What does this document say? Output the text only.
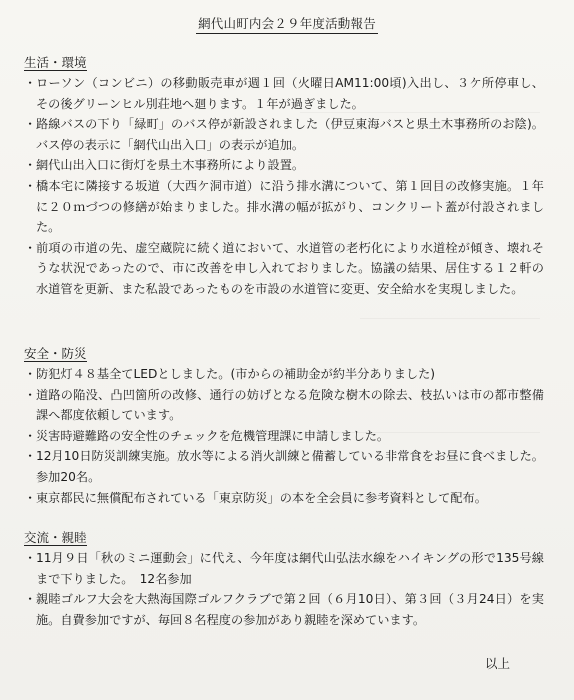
網代山町内会２９年度活動報告
生活・環境
・ ローソン（コンビニ）の移動販売車が週１回（火曜日AM11:00頃)入出し、３ケ所停車し、その後グリーンヒル別荘地へ廻ります。１年が過ぎました。
・ 路線バスの下り「緑町」のバス停が新設されました（伊豆東海バスと県土木事務所のお陰)。バス停の表示に「網代山出入口」の表示が追加。
・ 網代山出入口に街灯を県土木事務所により設置。
・ 橋本宅に隣接する坂道（大西ケ洞市道）に沿う排水溝について、第１回目の改修実施。１年に２０ｍづつの修繕が始まりました。排水溝の幅が拡がり、コンクリート蓋が付設されました。
・ 前項の市道の先、虚空蔵院に続く道において、水道管の老朽化により水道栓が傾き、壊れそうな状況であったので、市に改善を申し入れておりました。協議の結果、居住する１２軒の水道管を更新、また私設であったものを市設の水道管に変更、安全給水を実現しました。
安全・防災
・ 防犯灯４８基全てLEDとしました。(市からの補助金が約半分ありました)
・ 道路の陥没、凸凹箇所の改修、通行の妨げとなる危険な樹木の除去、枝払いは市の都市整備課へ都度依頼しています。
・ 災害時避難路の安全性のチェックを危機管理課に申請しました。
・ 12月10日防災訓練実施。放水等による消火訓練と備蓄している非常食をお昼に食べました。参加20名。
・ 東京都民に無償配布されている「東京防災」の本を全会員に参考資料として配布。
交流・親睦
・ 11月９日「秋のミニ運動会」に代え、今年度は網代山弘法水線をハイキングの形で135号線まで下りました。　12名参加
・ 親睦ゴルフ大会を大熱海国際ゴルフクラブで第２回（６月10日）、第３回（３月24日）を実施。自費参加ですが、毎回８名程度の参加があり親睦を深めています。
以上
